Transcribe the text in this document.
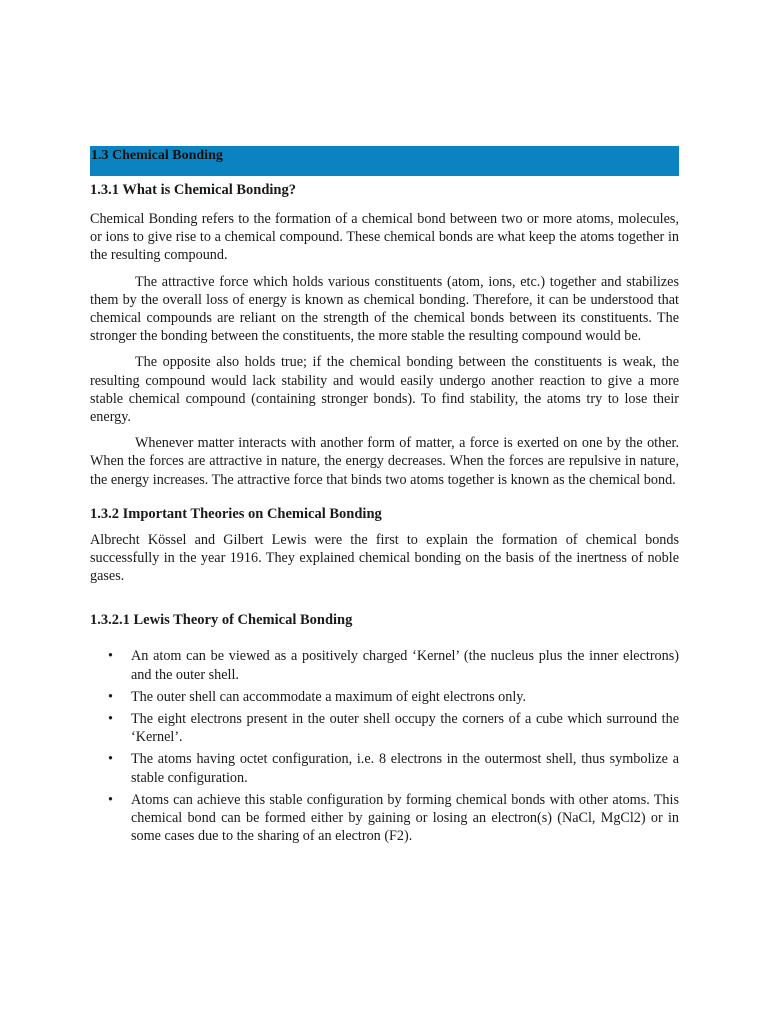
1.3 Chemical Bonding
1.3.1 What is Chemical Bonding?

Chemical Bonding refers to the formation of a chemical bond between two or more atoms, molecules, or ions to give rise to a chemical compound. These chemical bonds are what keep the atoms together in the resulting compound.

The attractive force which holds various constituents (atom, ions, etc.) together and stabilizes them by the overall loss of energy is known as chemical bonding. Therefore, it can be understood that chemical compounds are reliant on the strength of the chemical bonds between its constituents. The stronger the bonding between the constituents, the more stable the resulting compound would be.

The opposite also holds true; if the chemical bonding between the constituents is weak, the resulting compound would lack stability and would easily undergo another reaction to give a more stable chemical compound (containing stronger bonds). To find stability, the atoms try to lose their energy.

Whenever matter interacts with another form of matter, a force is exerted on one by the other. When the forces are attractive in nature, the energy decreases. When the forces are repulsive in nature, the energy increases. The attractive force that binds two atoms together is known as the chemical bond.

1.3.2 Important Theories on Chemical Bonding

Albrecht Kössel and Gilbert Lewis were the first to explain the formation of chemical bonds successfully in the year 1916. They explained chemical bonding on the basis of the inertness of noble gases.

1.3.2.1 Lewis Theory of Chemical Bonding
• An atom can be viewed as a positively charged ‘Kernel’ (the nucleus plus the inner electrons) and the outer shell.
• The outer shell can accommodate a maximum of eight electrons only.
• The eight electrons present in the outer shell occupy the corners of a cube which surround the ‘Kernel’.
• The atoms having octet configuration, i.e. 8 electrons in the outermost shell, thus symbolize a stable configuration.
• Atoms can achieve this stable configuration by forming chemical bonds with other atoms. This chemical bond can be formed either by gaining or losing an electron(s) (NaCl, MgCl2) or in some cases due to the sharing of an electron (F2).
